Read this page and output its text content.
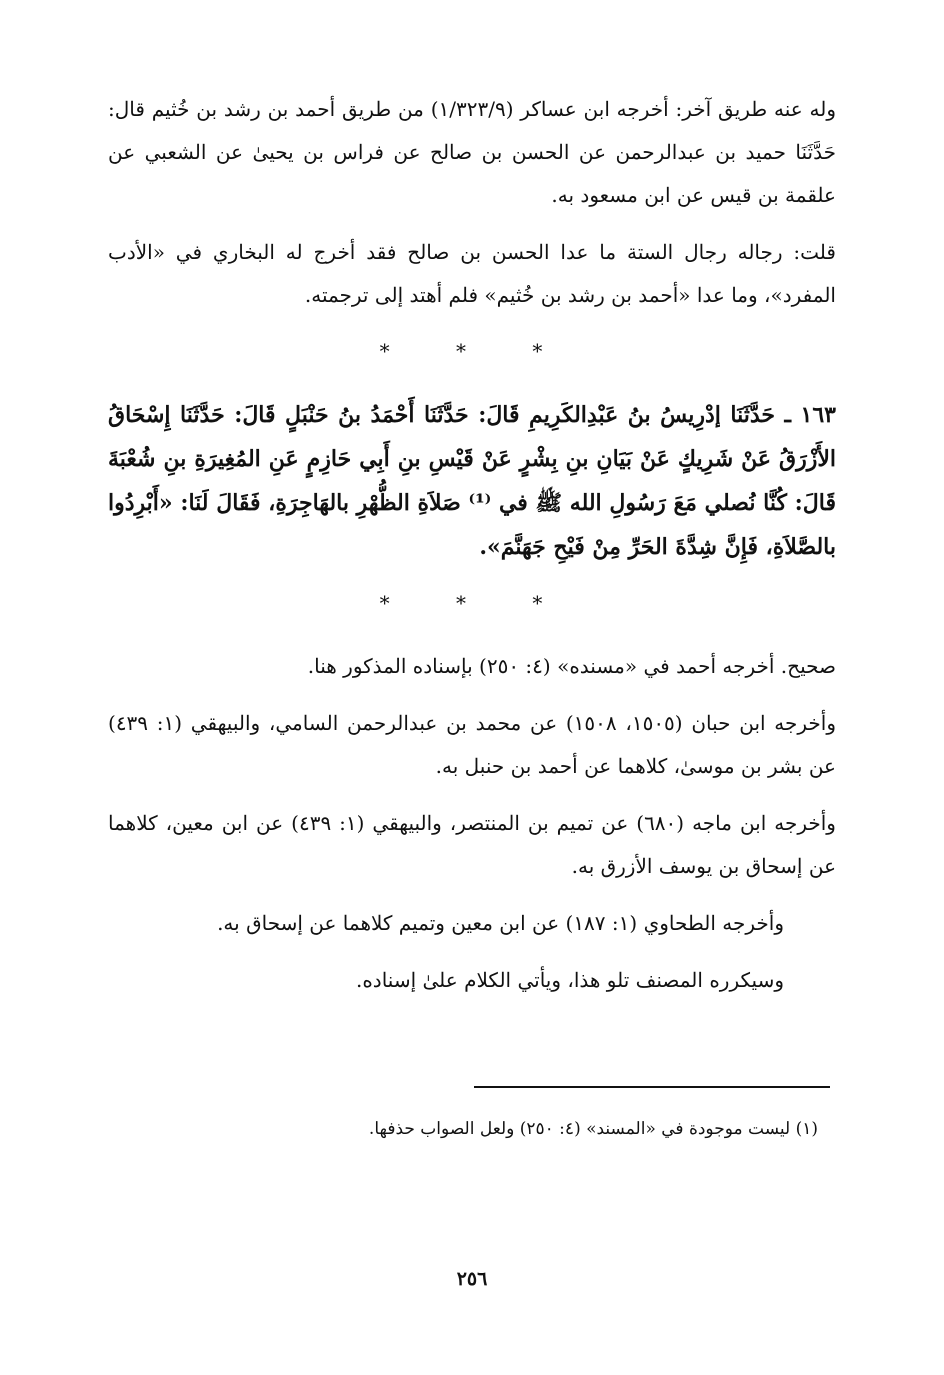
وله عنه طريق آخر: أخرجه ابن عساكر (١/٣٢٣/٩) من طريق أحمد بن رشد بن خُثيم قال: حَدَّثَنَا حميد بن عبدالرحمن عن الحسن بن صالح عن فراس بن يحيىٰ عن الشعبي عن علقمة بن قيس عن ابن مسعود به.

قلت: رجاله رجال الستة ما عدا الحسن بن صالح فقد أخرج له البخاري في «الأدب المفرد»، وما عدا «أحمد بن رشد بن خُثيم» فلم أهتد إلى ترجمته.

* * *

١٦٣ ـ حَدَّثَنَا إدْرِيسُ بنُ عَبْدِالكَرِيمِ قَالَ: حَدَّثَنَا أَحْمَدُ بنُ حَنْبَلٍ قَالَ: حَدَّثَنَا إِسْحَاقُ الأَزْرَقُ عَنْ شَرِيكٍ عَنْ بَيَانِ بنِ بِشْرٍ عَنْ قَيْسِ بنِ أَبِي حَازِمٍ عَنِ المُغِيرَةِ بنِ شُعْبَةَ قَالَ: كُنَّا نُصلي مَعَ رَسُولِ الله ﷺ في ⁽¹⁾ صَلاَةِ الظُّهْرِ بالهَاجِرَةِ، فَقَالَ لَنَا: «أَبْرِدُوا بالصَّلاَةِ، فَإِنَّ شِدَّةَ الحَرِّ مِنْ فَيْحِ جَهَنَّمَ».

* * *

صحيح. أخرجه أحمد في «مسنده» (٤: ٢٥٠) بإسناده المذكور هنا.

وأخرجه ابن حبان (١٥٠٥، ١٥٠٨) عن محمد بن عبدالرحمن السامي، والبيهقي (١: ٤٣٩) عن بشر بن موسىٰ، كلاهما عن أحمد بن حنبل به.

وأخرجه ابن ماجه (٦٨٠) عن تميم بن المنتصر، والبيهقي (١: ٤٣٩) عن ابن معين، كلاهما عن إسحاق بن يوسف الأزرق به.

وأخرجه الطحاوي (١: ١٨٧) عن ابن معين وتميم كلاهما عن إسحاق به.

وسيكرره المصنف تلو هذا، ويأتي الكلام علىٰ إسناده.

(١) ليست موجودة في «المسند» (٤: ٢٥٠) ولعل الصواب حذفها.
٢٥٦
